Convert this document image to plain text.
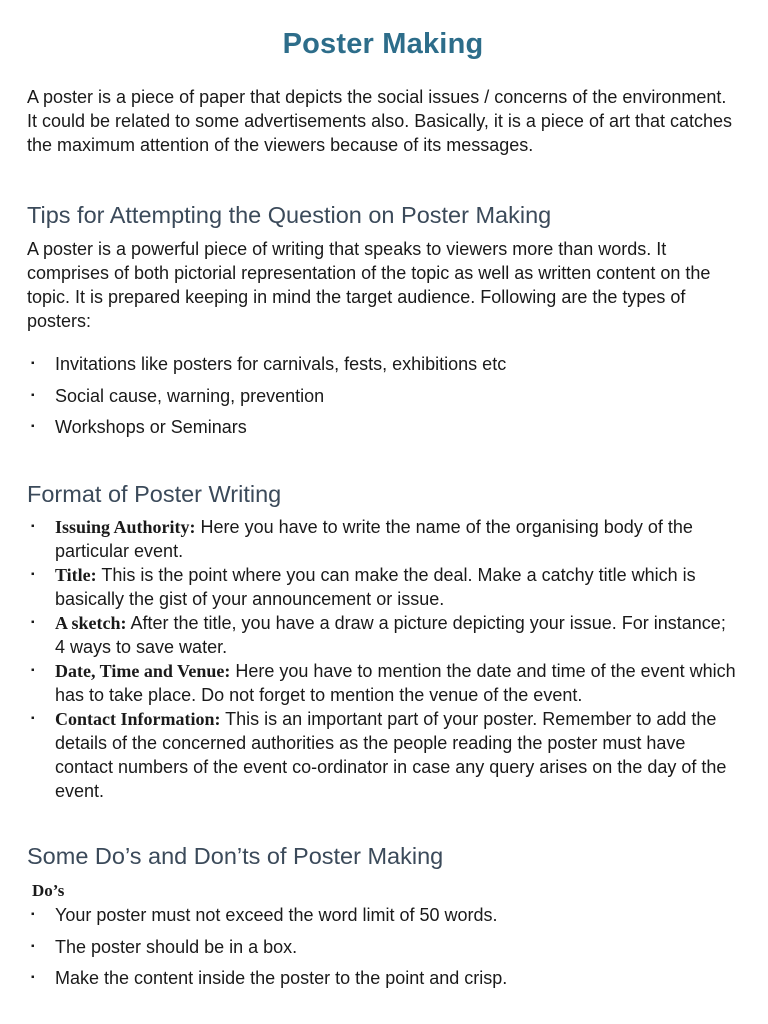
Poster Making

A poster is a piece of paper that depicts the social issues / concerns of the environment. It could be related to some advertisements also. Basically, it is a piece of art that catches the maximum attention of the viewers because of its messages.

Tips for Attempting the Question on Poster Making

A poster is a powerful piece of writing that speaks to viewers more than words. It comprises of both pictorial representation of the topic as well as written content on the topic. It is prepared keeping in mind the target audience. Following are the types of posters:

▪ Invitations like posters for carnivals, fests, exhibitions etc
▪ Social cause, warning, prevention
▪ Workshops or Seminars
Format of Poster Writing
▪ Issuing Authority: Here you have to write the name of the organising body of the particular event.
▪ Title: This is the point where you can make the deal. Make a catchy title which is basically the gist of your announcement or issue.
▪ A sketch: After the title, you have a draw a picture depicting your issue. For instance; 4 ways to save water.
▪ Date, Time and Venue: Here you have to mention the date and time of the event which has to take place. Do not forget to mention the venue of the event.
▪ Contact Information: This is an important part of your poster. Remember to add the details of the concerned authorities as the people reading the poster must have contact numbers of the event co-ordinator in case any query arises on the day of the event.
Some Do’s and Don’ts of Poster Making
Do’s
▪ Your poster must not exceed the word limit of 50 words.
▪ The poster should be in a box.
▪ Make the content inside the poster to the point and crisp.
